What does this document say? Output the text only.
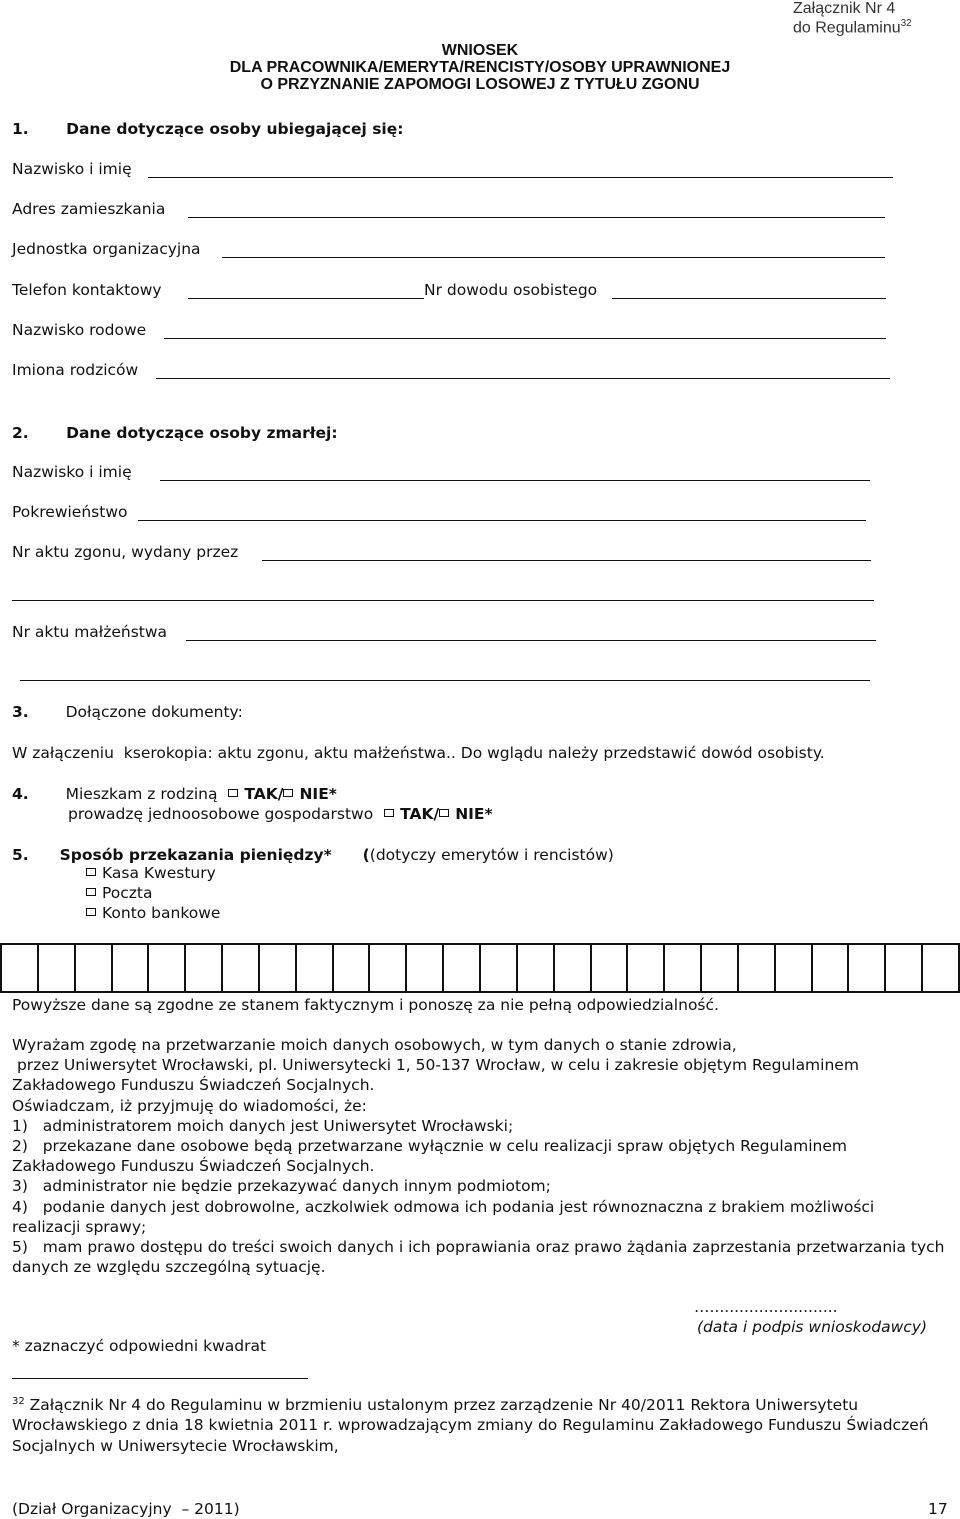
Załącznik Nr 4
do Regulaminu$^{32}$
WNIOSEK
DLA PRACOWNIKA/EMERYTA/RENCISTY/OSOBY UPRAWNIONEJ
O PRZYZNANIE ZAPOMOGI LOSOWEJ Z TYTUŁU ZGONU
1. Dane dotyczące osoby ubiegającej się:
Nazwisko i imię
Adres zamieszkania
Jednostka organizacyjna
Telefon kontaktowy	Nr dowodu osobistego
Nazwisko rodowe
Imiona rodziców
2. Dane dotyczące osoby zmarłej:
Nazwisko i imię
Pokrewieństwo
Nr aktu zgonu, wydany przez
Nr aktu małżeństwa
3. Dołączone dokumenty:
W załączeniu  kserokopia: aktu zgonu, aktu małżeństwa.. Do wglądu należy przedstawić dowód osobisty.
4. Mieszkam z rodziną TAK/ NIE*
prowadzę jednoosobowe gospodarstwo TAK/ NIE*
5. Sposób przekazania pieniędzy* ((dotyczy emerytów i rencistów)
Kasa Kwestury
Poczta
Konto bankowe
Powyższe dane są zgodne ze stanem faktycznym i ponoszę za nie pełną odpowiedzialność.
Wyrażam zgodę na przetwarzanie moich danych osobowych, w tym danych o stanie zdrowia,
przez Uniwersytet Wrocławski, pl. Uniwersytecki 1, 50-137 Wrocław, w celu i zakresie objętym Regulaminem Zakładowego Funduszu Świadczeń Socjalnych.
Oświadczam, iż przyjmuję do wiadomości, że:
1)   administratorem moich danych jest Uniwersytet Wrocławski;
2)   przekazane dane osobowe będą przetwarzane wyłącznie w celu realizacji spraw objętych Regulaminem Zakładowego Funduszu Świadczeń Socjalnych.
3)   administrator nie będzie przekazywać danych innym podmiotom;
4)   podanie danych jest dobrowolne, aczkolwiek odmowa ich podania jest równoznaczna z brakiem możliwości realizacji sprawy;
5)   mam prawo dostępu do treści swoich danych i ich poprawiania oraz prawo żądania zaprzestania przetwarzania tych danych ze względu szczególną sytuację.
…..........................
(data i podpis wnioskodawcy)
* zaznaczyć odpowiedni kwadrat
$^{32}$ Załącznik Nr 4 do Regulaminu w brzmieniu ustalonym przez zarządzenie Nr 40/2011 Rektora Uniwersytetu Wrocławskiego z dnia 18 kwietnia 2011 r. wprowadzającym zmiany do Regulaminu Zakładowego Funduszu Świadczeń Socjalnych w Uniwersytecie Wrocławskim,
(Dział Organizacyjny  – 2011)	17
